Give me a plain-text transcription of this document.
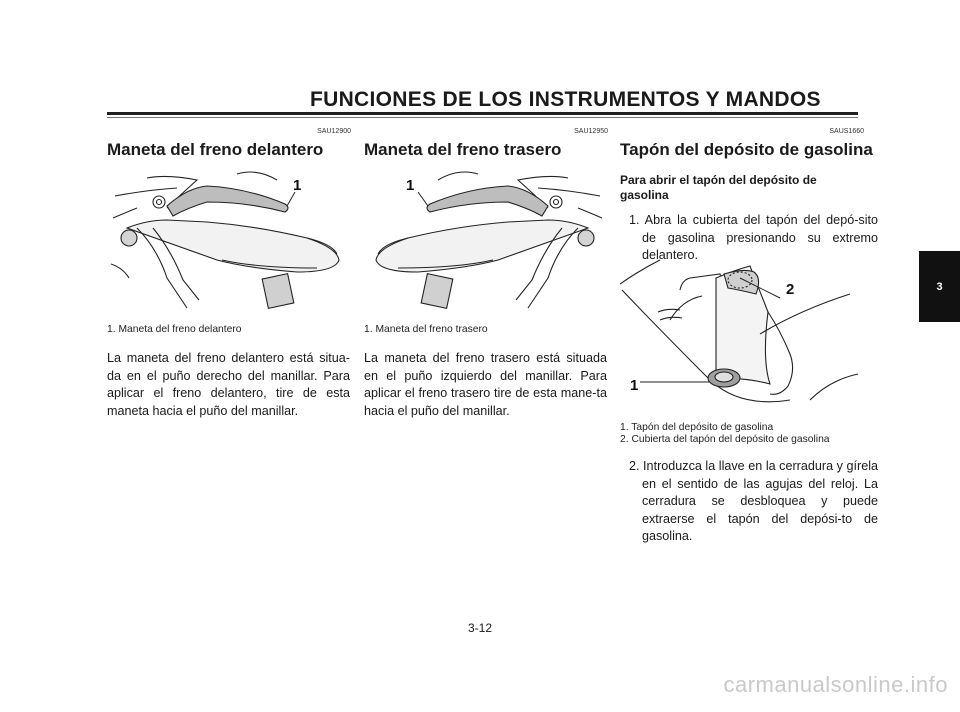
FUNCIONES DE LOS INSTRUMENTOS Y MANDOS
SAU12900
Maneta del freno delantero
1
1. Maneta del freno delantero
La maneta del freno delantero está situa-da en el puño derecho del manillar. Para aplicar el freno delantero, tire de esta maneta hacia el puño del manillar.
SAU12950
Maneta del freno trasero
1
1. Maneta del freno trasero
La maneta del freno trasero está situada en el puño izquierdo del manillar. Para aplicar el freno trasero tire de esta mane-ta hacia el puño del manillar.
SAUS1660
Tapón del depósito de gasolina
Para abrir el tapón del depósito de gasolina
1. Abra la cubierta del tapón del depó-sito de gasolina presionando su extremo delantero.
1
2
1. Tapón del depósito de gasolina
2. Cubierta del tapón del depósito de gasolina
2. Introduzca la llave en la cerradura y gírela en el sentido de las agujas del reloj. La cerradura se desbloquea y puede extraerse el tapón del depósi-to de gasolina.
3
3-12
carmanualsonline.info
